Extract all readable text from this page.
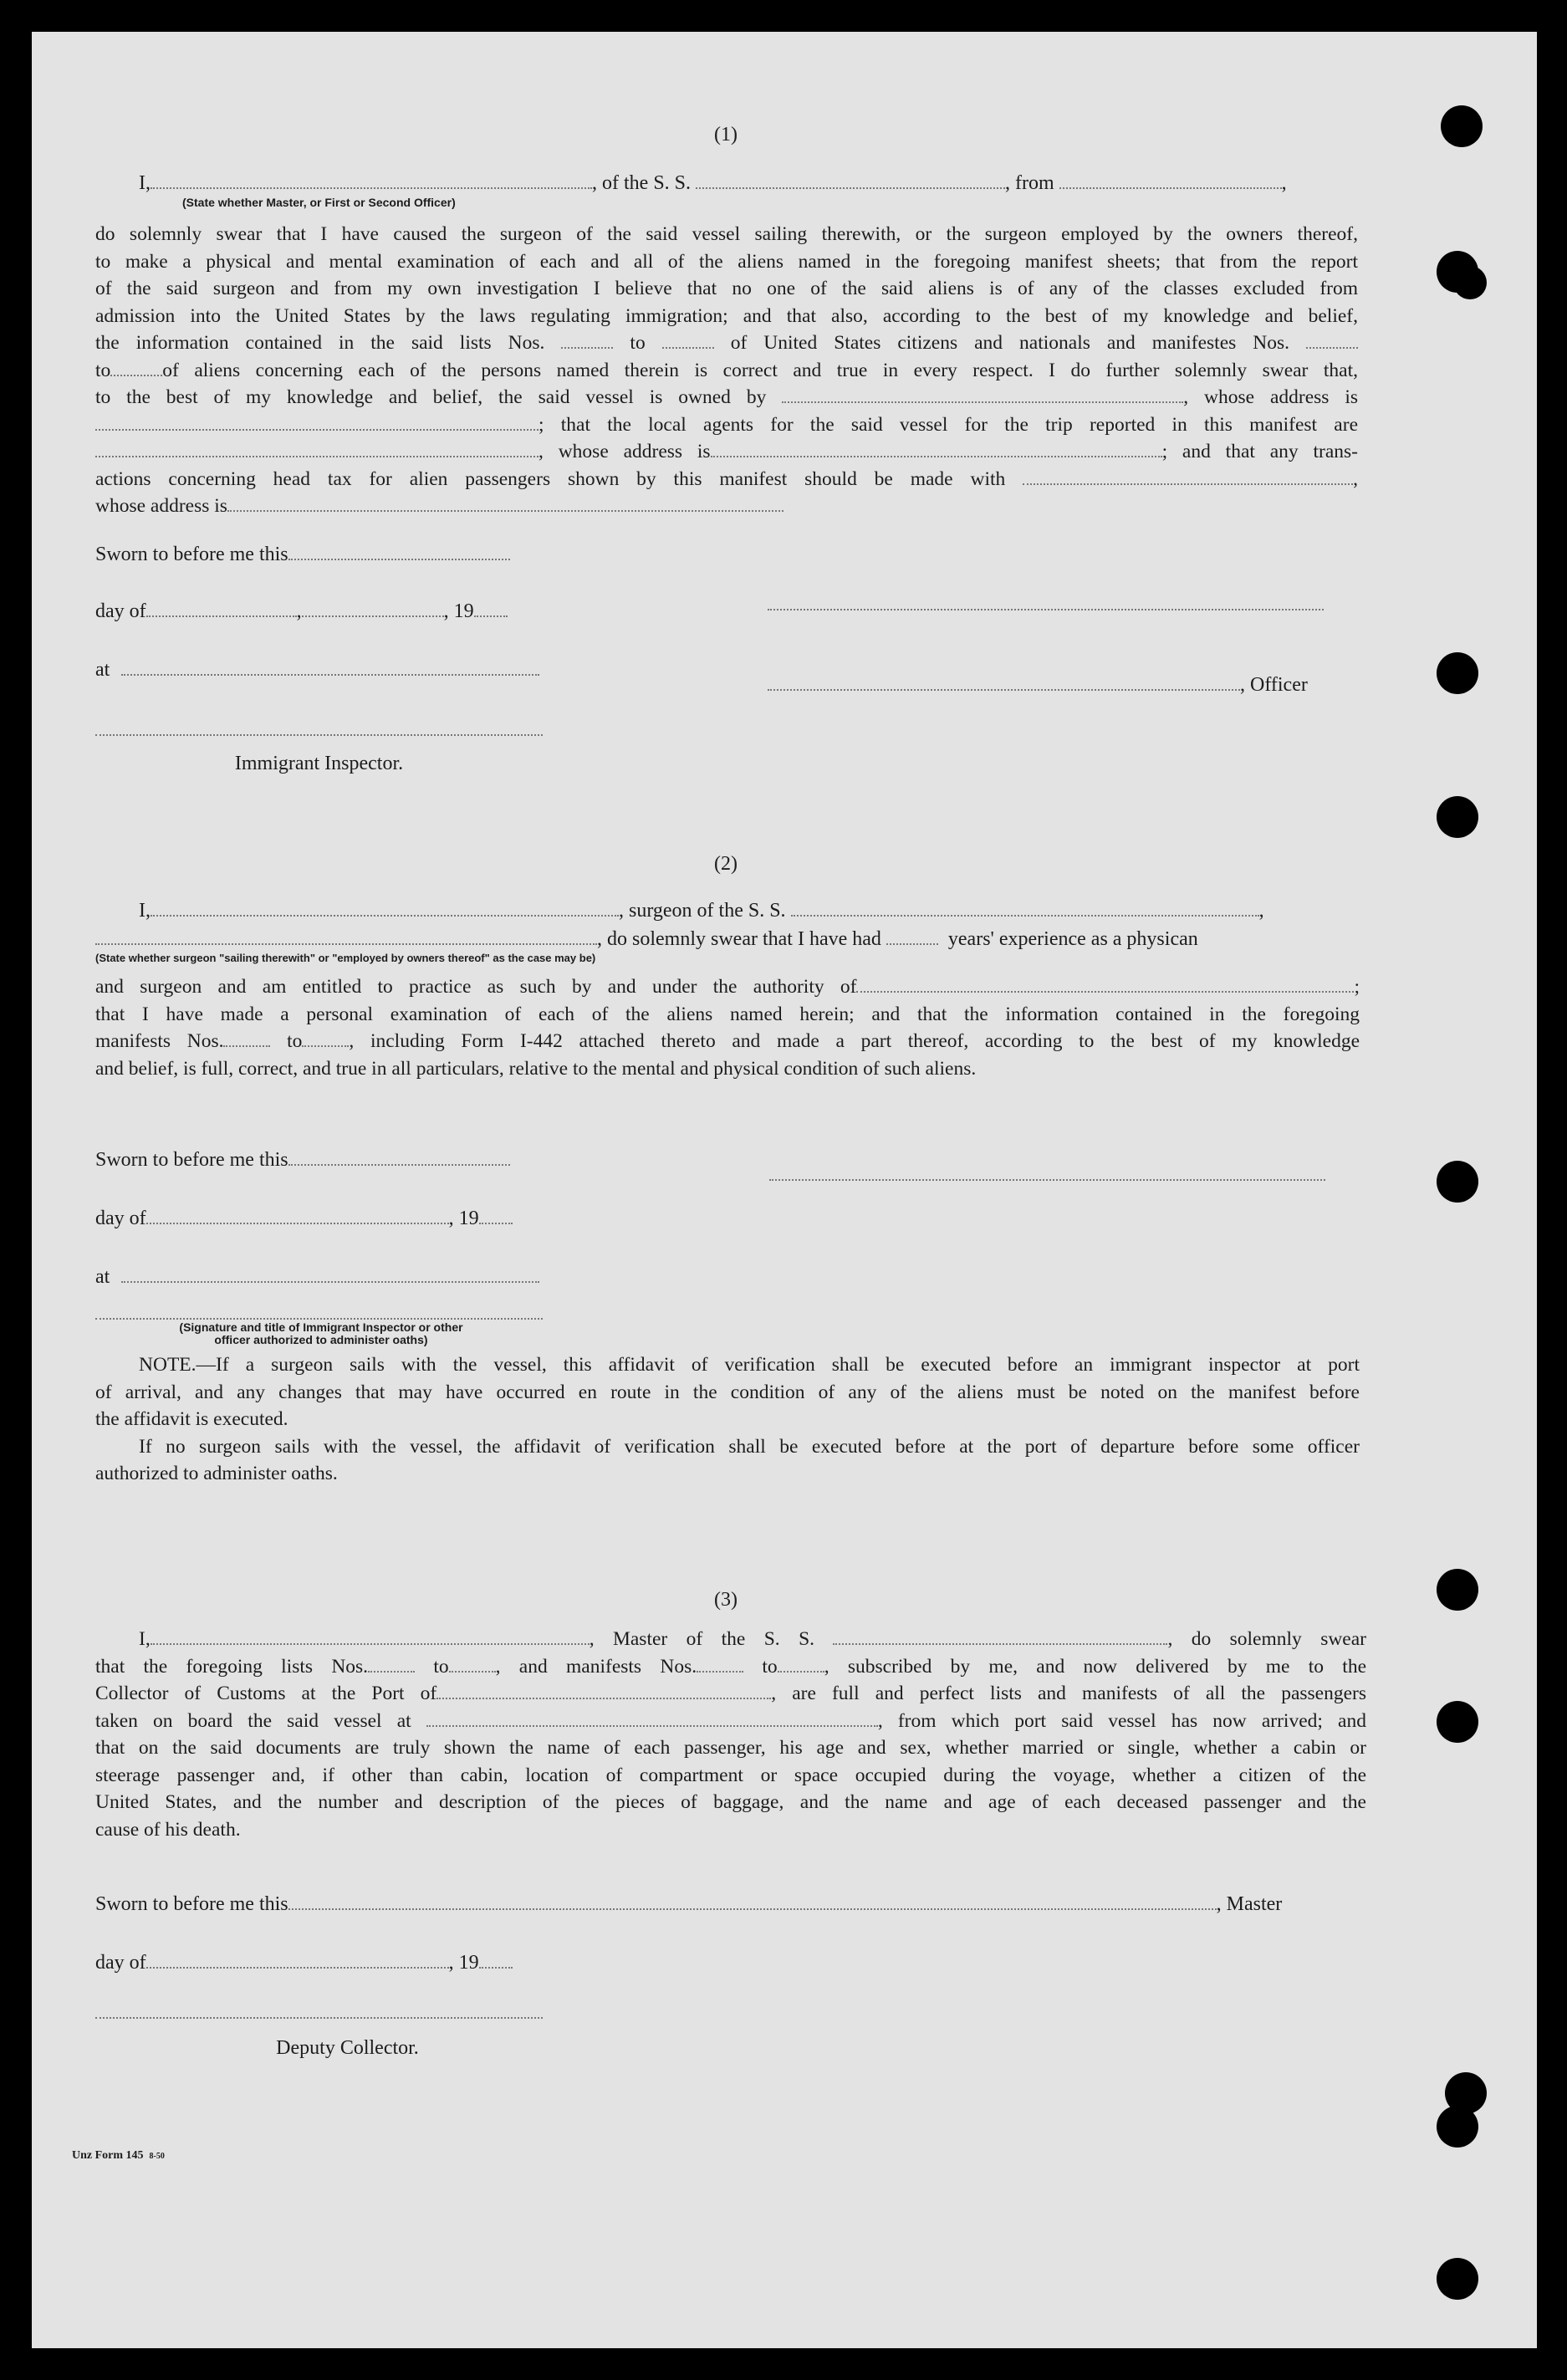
(1)
I,	, of the S. S.	, from	,
(State whether Master, or First or Second Officer)
do solemnly swear that I have caused the surgeon of the said vessel sailing therewith, or the surgeon employed by the owners thereof,
to make a physical and mental examination of each and all of the aliens named in the foregoing manifest sheets; that from the report
of the said surgeon and from my own investigation I believe that no one of the said aliens is of any of the classes excluded from
admission into the United States by the laws regulating immigration; and that also, according to the best of my knowledge and belief,
the information contained in the said lists Nos.	to	of United States citizens and nationals and manifestes Nos.
to	of aliens concerning each of the persons named therein is correct and true in every respect. I do further solemnly swear that,
to the best of my knowledge and belief, the said vessel is owned by	, whose address is
; that the local agents for the said vessel for the trip reported in this manifest are
, whose address is	; and that any trans-
actions concerning head tax for alien passengers shown by this manifest should be made with	,
whose address is
Sworn to before me this
day of	,	, 19
at
, Officer
Immigrant Inspector.
(2)
I,	, surgeon of the S. S.	,
, do solemnly swear that I have had	years' experience as a physican
(State whether surgeon "sailing therewith" or "employed by owners thereof" as the case may be)
and surgeon and am entitled to practice as such by and under the authority of	;
that I have made a personal examination of each of the aliens named herein; and that the information contained in the foregoing
manifests Nos.	to , including Form I-442 attached thereto and made a part thereof, according to the best of my knowledge
and belief, is full, correct, and true in all particulars, relative to the mental and physical condition of such aliens.
Sworn to before me this
day of	, 19
at
(Signature and title of Immigrant Inspector or other
officer authorized to administer oaths)
NOTE.—If a surgeon sails with the vessel, this affidavit of verification shall be executed before an immigrant inspector at port
of arrival, and any changes that may have occurred en route in the condition of any of the aliens must be noted on the manifest before
the affidavit is executed.
If no surgeon sails with the vessel, the affidavit of verification shall be executed before at the port of departure before some officer
authorized to administer oaths.
(3)
I,	, Master of the S. S.	, do solemnly swear
that the foregoing lists Nos.	to , and manifests Nos.	to , subscribed by me, and now delivered by me to the
Collector of Customs at the Port of	, are full and perfect lists and manifests of all the passengers
taken on board the said vessel at	, from which port said vessel has now arrived; and
that on the said documents are truly shown the name of each passenger, his age and sex, whether married or single, whether a cabin or
steerage passenger and, if other than cabin, location of compartment or space occupied during the voyage, whether a citizen of the
United States, and the number and description of the pieces of baggage, and the name and age of each deceased passenger and the
cause of his death.
Sworn to before me this	, Master
day of	, 19
Deputy Collector.
Unz Form 145 8-50
